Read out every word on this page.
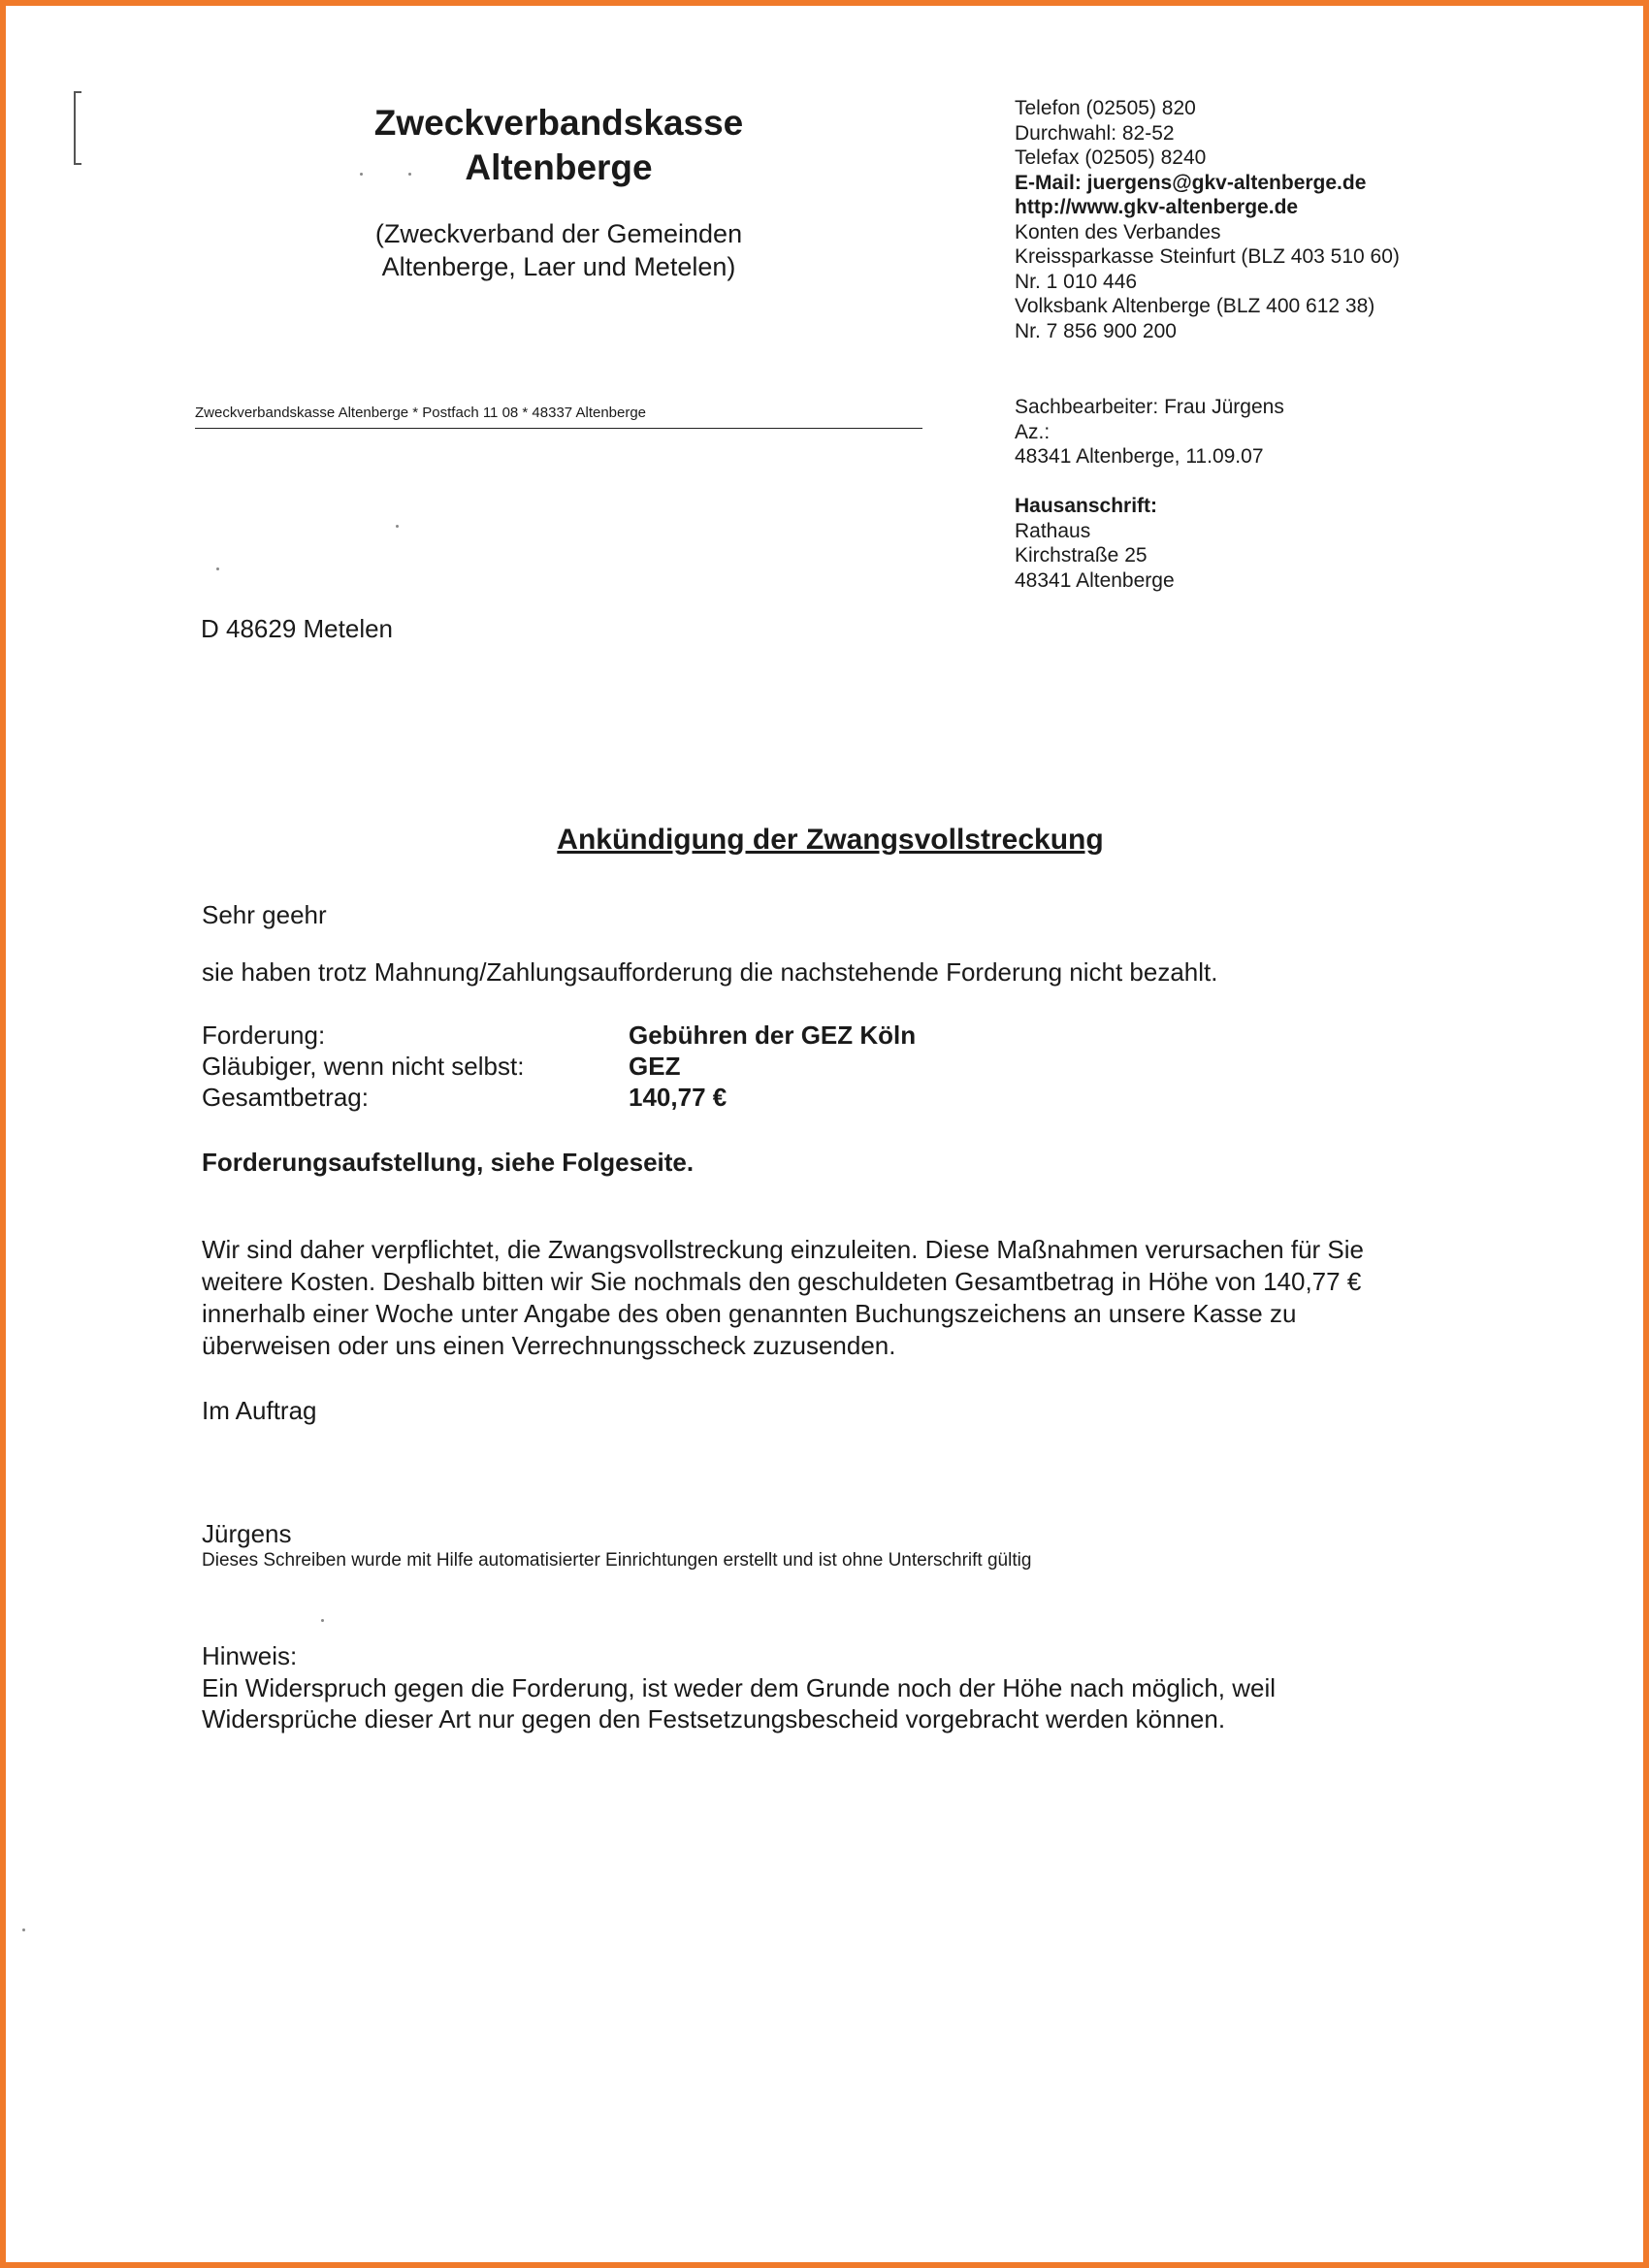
Zweckverbandskasse
Altenberge
(Zweckverband der Gemeinden
Altenberge, Laer und Metelen)
Telefon (02505) 820
Durchwahl: 82-52
Telefax (02505) 8240
E-Mail: juergens@gkv-altenberge.de
http://www.gkv-altenberge.de
Konten des Verbandes
Kreissparkasse Steinfurt (BLZ 403 510 60)
Nr. 1 010 446
Volksbank Altenberge (BLZ 400 612 38)
Nr. 7 856 900 200
Zweckverbandskasse Altenberge * Postfach 11 08 * 48337 Altenberge	Sachbearbeiter: Frau Jürgens
Az.:
48341 Altenberge, 11.09.07
Hausanschrift:
Rathaus
Kirchstraße 25
48341 Altenberge
D 48629 Metelen
Ankündigung der Zwangsvollstreckung
Sehr geehr
sie haben trotz Mahnung/Zahlungsaufforderung die nachstehende Forderung nicht bezahlt.
Forderung:	Gebühren der GEZ Köln
Gläubiger, wenn nicht selbst:	GEZ
Gesamtbetrag:	140,77 €
Forderungsaufstellung, siehe Folgeseite.
Wir sind daher verpflichtet, die Zwangsvollstreckung einzuleiten. Diese Maßnahmen verursachen für Sie
weitere Kosten. Deshalb bitten wir Sie nochmals den geschuldeten Gesamtbetrag in Höhe von 140,77 €
innerhalb einer Woche unter Angabe des oben genannten Buchungszeichens an unsere Kasse zu
überweisen oder uns einen Verrechnungsscheck zuzusenden.
Im Auftrag
Jürgens
Dieses Schreiben wurde mit Hilfe automatisierter Einrichtungen erstellt und ist ohne Unterschrift gültig
Hinweis:
Ein Widerspruch gegen die Forderung, ist weder dem Grunde noch der Höhe nach möglich, weil
Widersprüche dieser Art nur gegen den Festsetzungsbescheid vorgebracht werden können.
